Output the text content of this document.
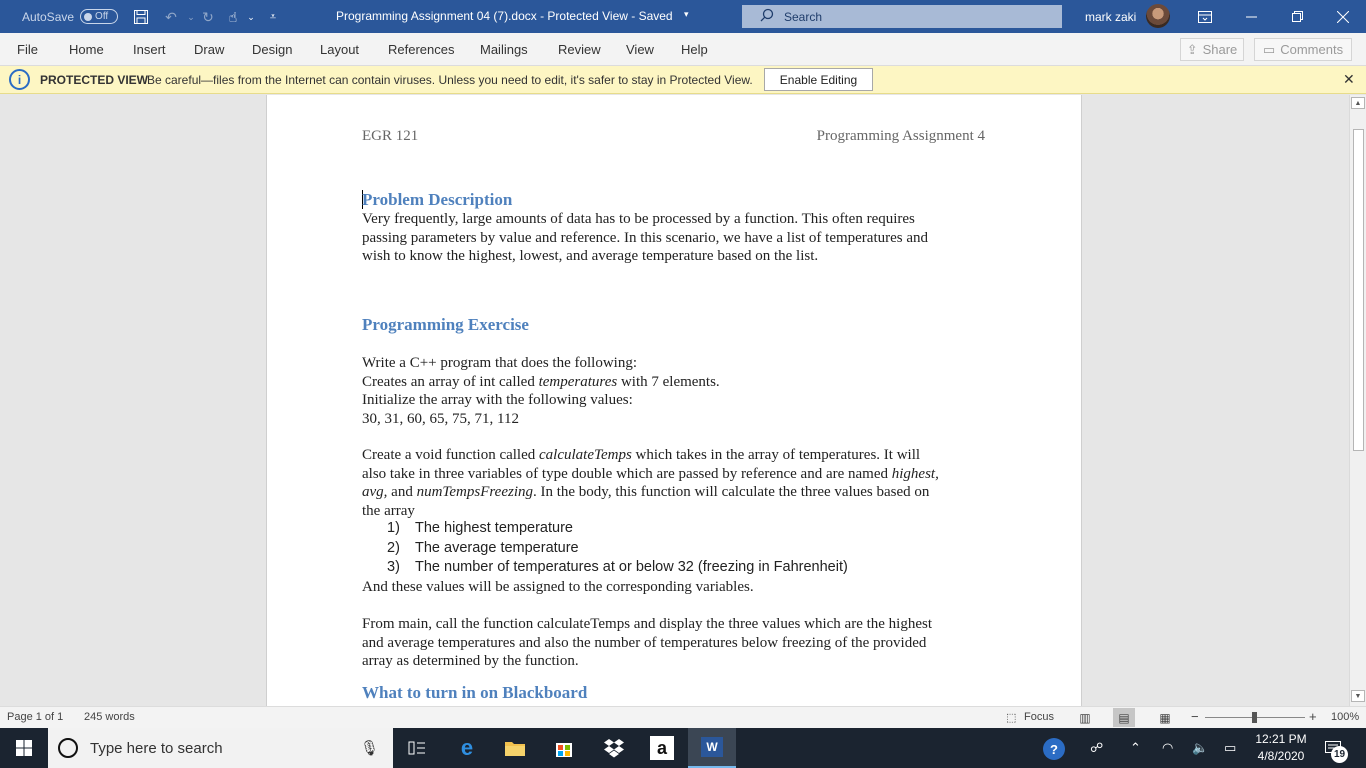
AutoSave Off	↶	⌄ ↻	☝	⌄	⩡	Programming Assignment 04 (7).docx - Protected View - Saved ▾	Search	mark zaki
File Home Insert Draw Design Layout References Mailings Review View Help	⇪ Share ▭ Comments
i	PROTECTED VIEW
Be careful—files from the Internet can contain viruses. Unless you need to edit, it's safer to stay in Protected View.	Enable Editing	✕
EGR 121	Programming Assignment 4
Problem Description
Very frequently, large amounts of data has to be processed by a function. This often requires
passing parameters by value and reference. In this scenario, we have a list of temperatures and
wish to know the highest, lowest, and average temperature based on the list.
Programming Exercise
Write a C++ program that does the following:
Creates an array of int called temperatures with 7 elements.
Initialize the array with the following values:
30, 31, 60, 65, 75, 71, 112
Create a void function called calculateTemps which takes in the array of temperatures. It will
also take in three variables of type double which are passed by reference and are named highest,
avg, and numTempsFreezing. In the body, this function will calculate the three values based on
the array
1) The highest temperature
2) The average temperature
3) The number of temperatures at or below 32 (freezing in Fahrenheit)
And these values will be assigned to the corresponding variables.
From main, call the function calculateTemps and display the three values which are the highest
and average temperatures and also the number of temperatures below freezing of the provided
array as determined by the function.
What to turn in on Blackboard
▲
▼
Page 1 of 1 245 words	⬚ Focus	▥	▤	▦	−	+ 100%
Type here to search	🎙	e	a	W	?	☍ ⌃ ◠ 🔈 ▭
12:21 PM
4/8/2020	19
